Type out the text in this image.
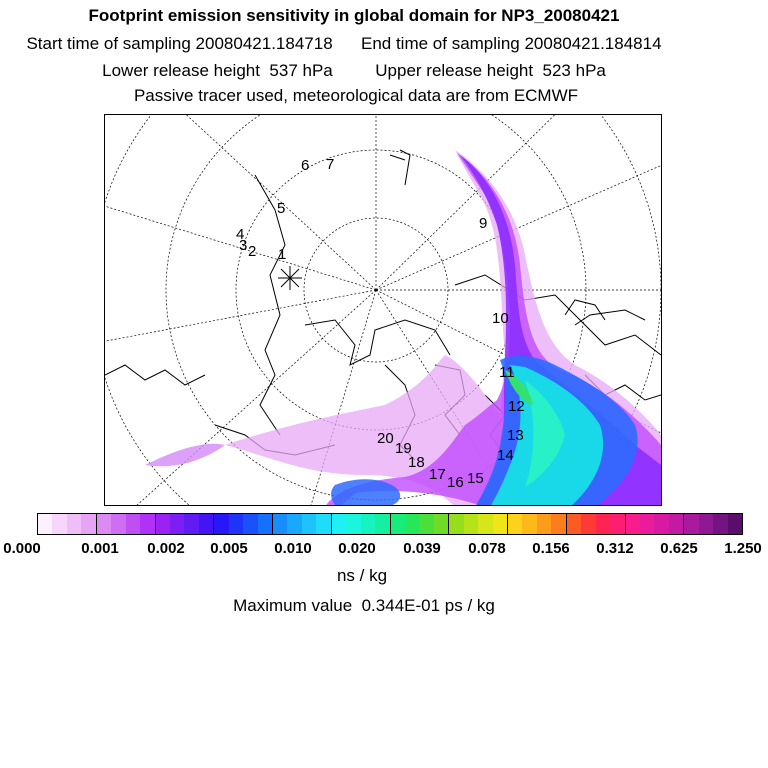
Footprint emission sensitivity in global domain for NP3_20080421
Start time of sampling 20080421.184718      End time of sampling 20080421.184814
Lower release height  537 hPa         Upper release height  523 hPa
Passive tracer used, meteorological data are from ECMWF
1
2
3
4
5
6 7
9
10
11
12
13
14
15
16
17
18
19
20
0.000	0.001 0.002 0.005 0.010 0.020 0.039 0.078 0.156 0.312 0.625 1.250
ns / kg
Maximum value  0.344E-01 ps / kg
